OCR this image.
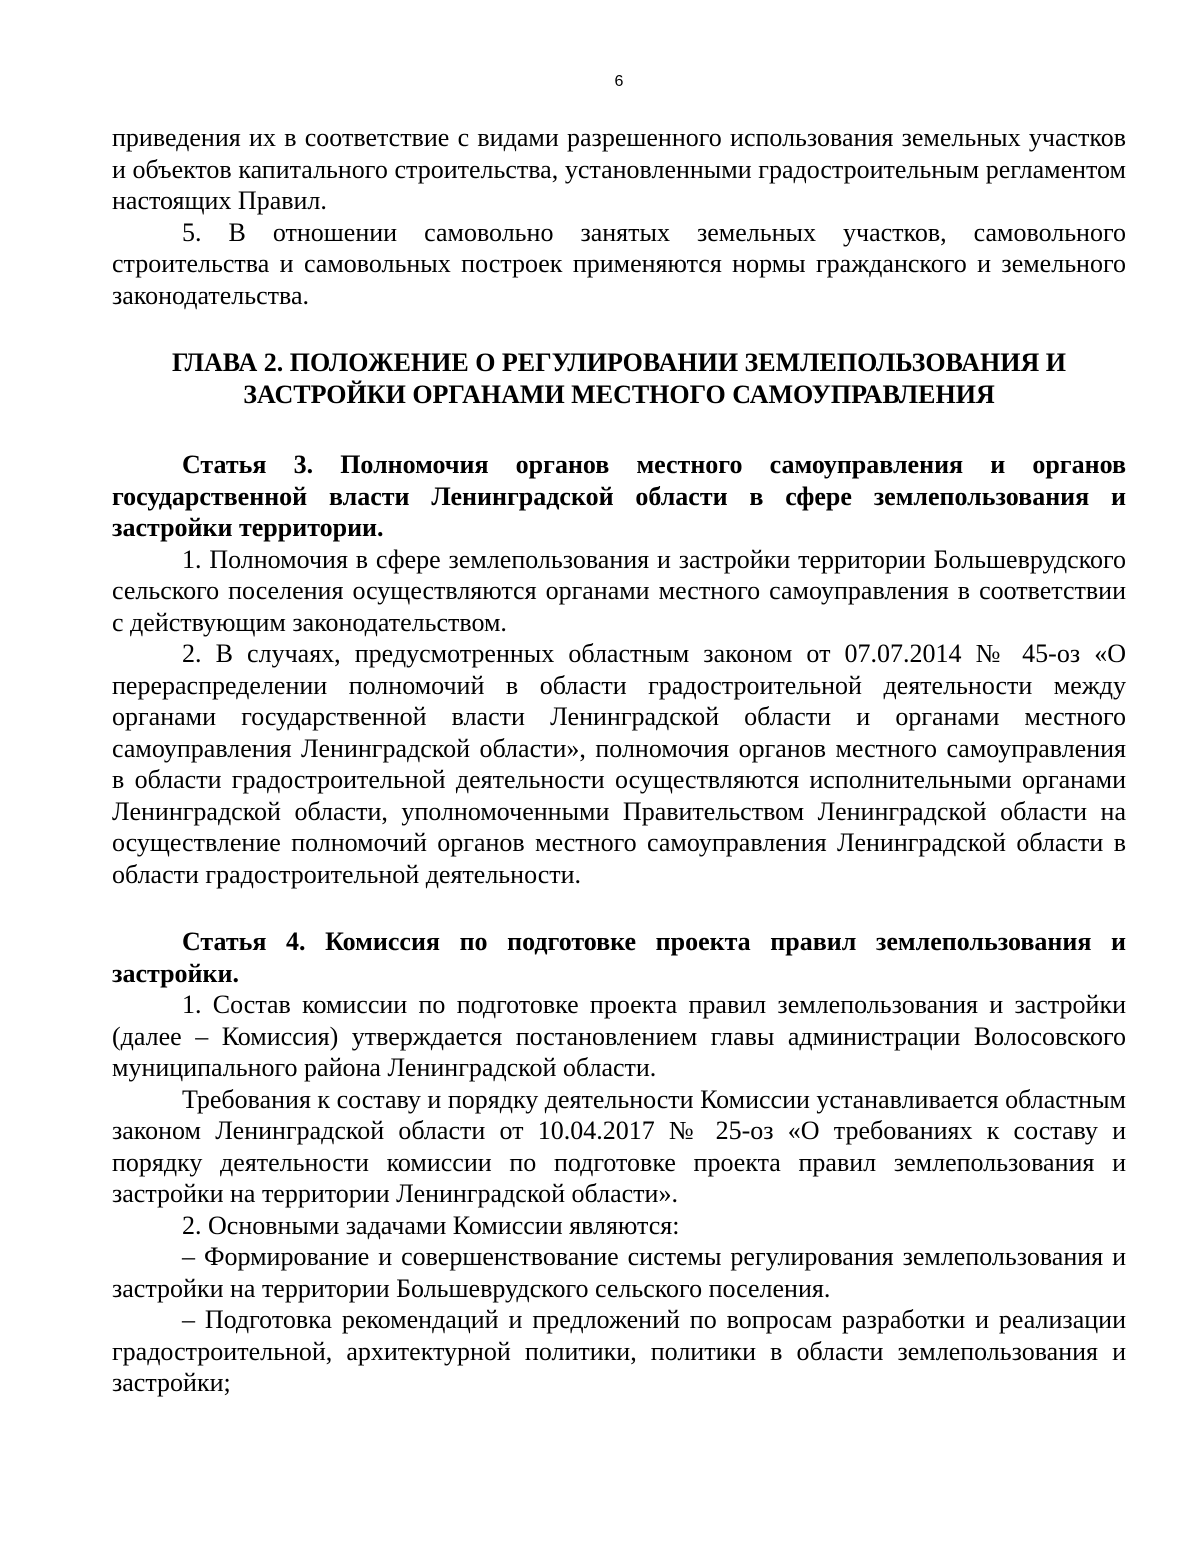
6

приведения их в соответствие с видами разрешенного использования земельных участков и объектов капитального строительства, установленными градостроительным регламентом настоящих Правил.

5. В отношении самовольно занятых земельных участков, самовольного строительства и самовольных построек применяются нормы гражданского и земельного законодательства.

ГЛАВА 2. ПОЛОЖЕНИЕ О РЕГУЛИРОВАНИИ ЗЕМЛЕПОЛЬЗОВАНИЯ И
ЗАСТРОЙКИ ОРГАНАМИ МЕСТНОГО САМОУПРАВЛЕНИЯ

Статья 3. Полномочия органов местного самоуправления и органов государственной власти Ленинградской области в сфере землепользования и застройки территории.

1. Полномочия в сфере землепользования и застройки территории Большеврудского сельского поселения осуществляются органами местного самоуправления в соответствии с действующим законодательством.

2. В случаях, предусмотренных областным законом от 07.07.2014 № 45-оз «О перераспределении полномочий в области градостроительной деятельности между органами государственной власти Ленинградской области и органами местного самоуправления Ленинградской области», полномочия органов местного самоуправления в области градостроительной деятельности осуществляются исполнительными органами Ленинградской области, уполномоченными Правительством Ленинградской области на осуществление полномочий органов местного самоуправления Ленинградской области в области градостроительной деятельности.

Статья 4. Комиссия по подготовке проекта правил землепользования и застройки.

1. Состав комиссии по подготовке проекта правил землепользования и застройки (далее – Комиссия) утверждается постановлением главы администрации Волосовского муниципального района Ленинградской области.

Требования к составу и порядку деятельности Комиссии устанавливается областным законом Ленинградской области от 10.04.2017 № 25-оз «О требованиях к составу и порядку деятельности комиссии по подготовке проекта правил землепользования и застройки на территории Ленинградской области».

2. Основными задачами Комиссии являются:

– Формирование и совершенствование системы регулирования землепользования и застройки на территории Большеврудского сельского поселения.

– Подготовка рекомендаций и предложений по вопросам разработки и реализации градостроительной, архитектурной политики, политики в области землепользования и застройки;
